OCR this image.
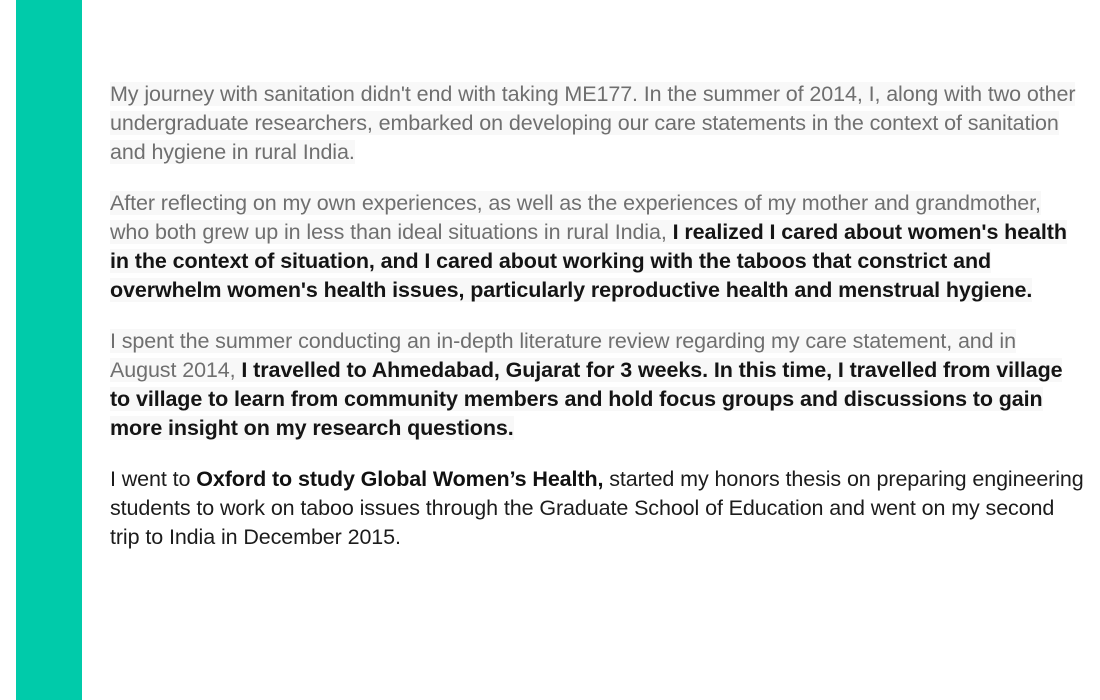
My journey with sanitation didn't end with taking ME177. In the summer of 2014, I, along with two other undergraduate researchers, embarked on developing our care statements in the context of sanitation and hygiene in rural India.

After reflecting on my own experiences, as well as the experiences of my mother and grandmother, who both grew up in less than ideal situations in rural India, I realized I cared about women's health in the context of situation, and I cared about working with the taboos that constrict and overwhelm women's health issues, particularly reproductive health and menstrual hygiene.

I spent the summer conducting an in-depth literature review regarding my care statement, and in August 2014, I travelled to Ahmedabad, Gujarat for 3 weeks. In this time, I travelled from village to village to learn from community members and hold focus groups and discussions to gain more insight on my research questions.

I went to Oxford to study Global Women’s Health, started my honors thesis on preparing engineering students to work on taboo issues through the Graduate School of Education and went on my second trip to India in December 2015.
